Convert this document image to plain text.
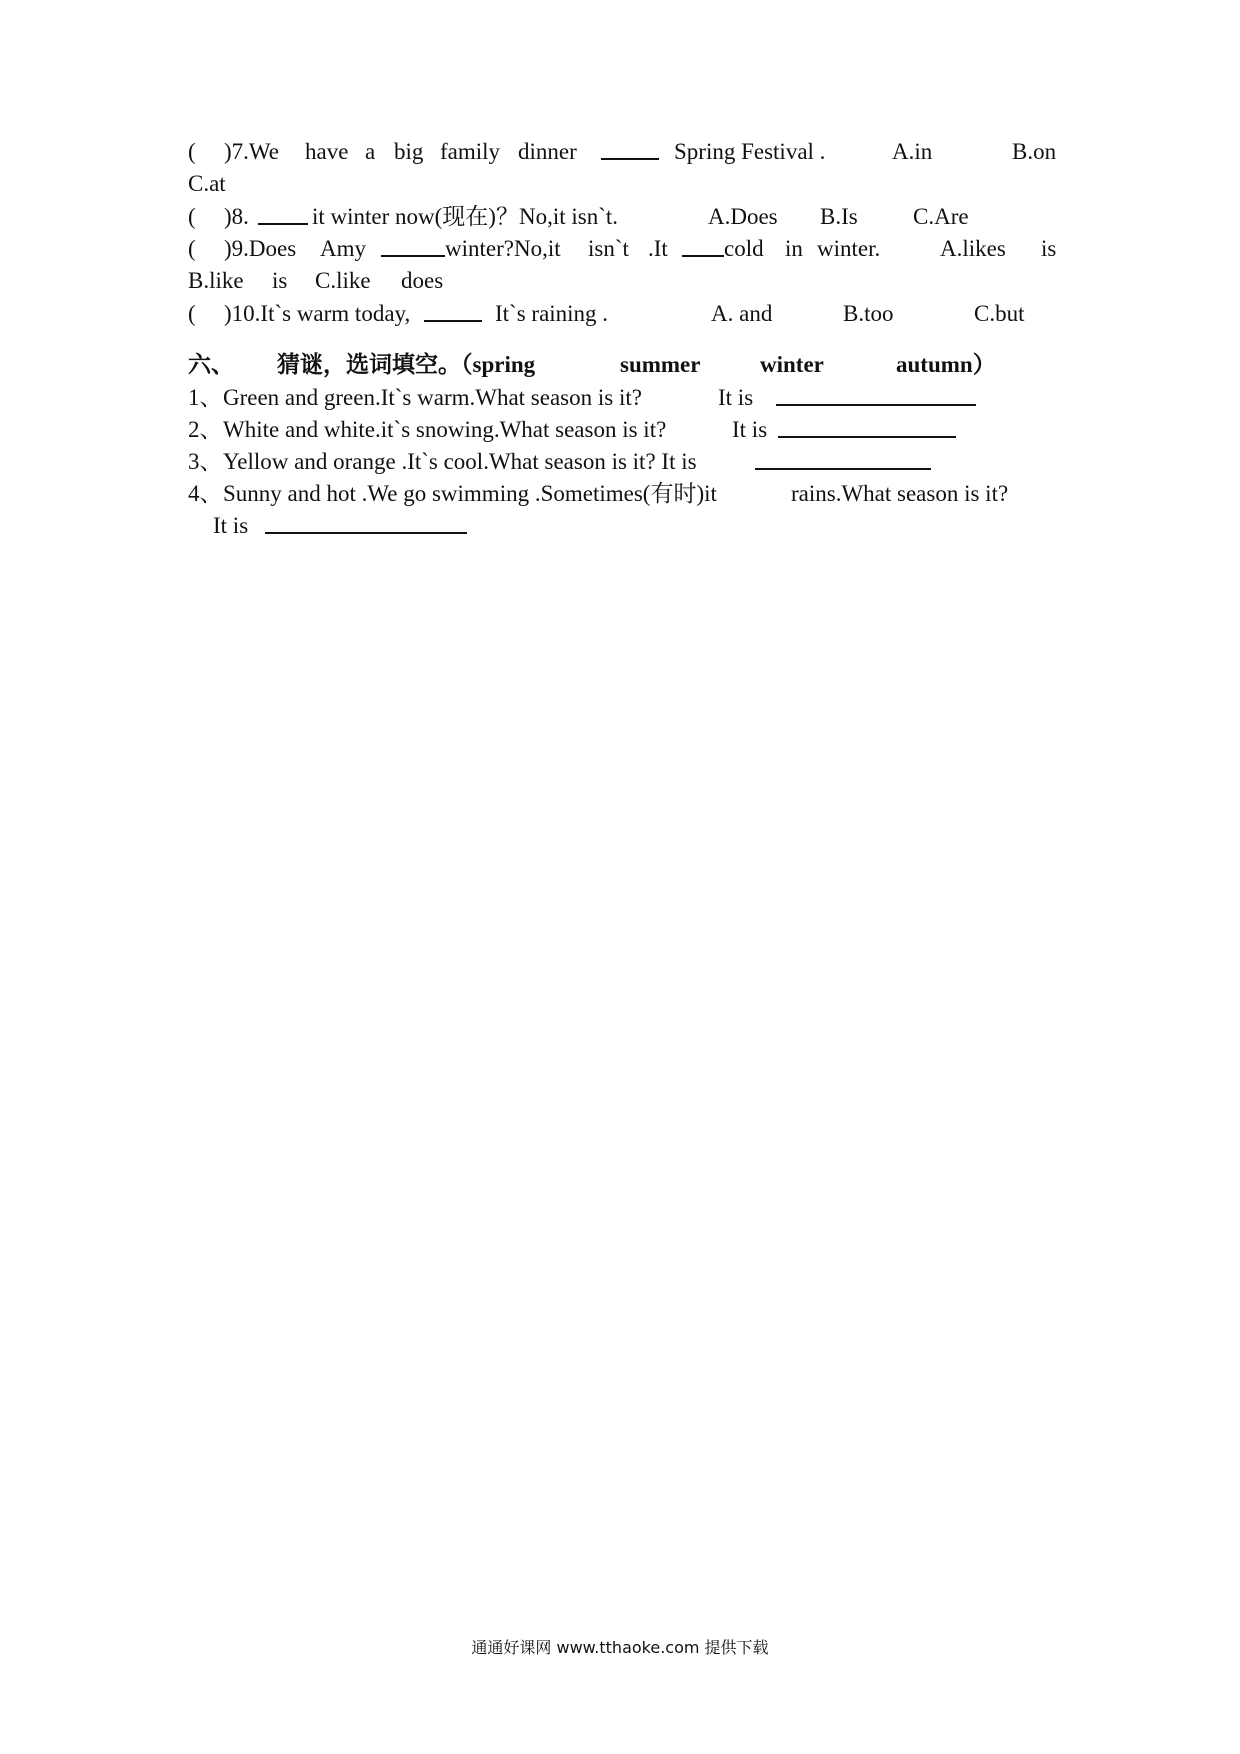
( )7.We have a big family dinner	Spring Festival .	A.in	B.on
C.at
( )8.	it winter now(现在)？No,it isn`t.	A.Does B.Is C.Are
( )9.Does Amy	winter?No,it isn`t .It cold in winter.	A.likes is
B.like is C.like does
( )10.It`s warm today,	It`s raining .	A. and	B.too	C.but
六、 猜谜，选词填空。（spring	summer	winter	autumn）
1、 Green and green.It`s warm.What season is it?	It is
2、 White and white.it`s snowing.What season is it?	It is
3、 Yellow and orange .It`s cool.What season is it? It is
4、 Sunny and hot .We go swimming .Sometimes(有时)it	rains.What season is it?
It is
通通好课网 www.tthaoke.com 提供下载
